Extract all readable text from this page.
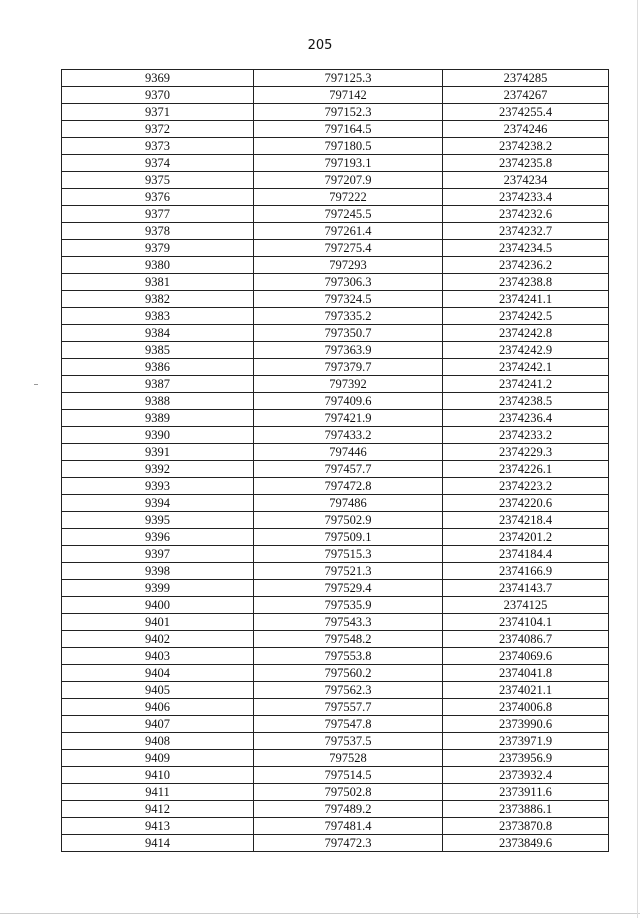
205
9369	797125.3	2374285
9370	797142	2374267
9371	797152.3	2374255.4
9372	797164.5	2374246
9373	797180.5	2374238.2
9374	797193.1	2374235.8
9375	797207.9	2374234
9376	797222	2374233.4
9377	797245.5	2374232.6
9378	797261.4	2374232.7
9379	797275.4	2374234.5
9380	797293	2374236.2
9381	797306.3	2374238.8
9382	797324.5	2374241.1
9383	797335.2	2374242.5
9384	797350.7	2374242.8
9385	797363.9	2374242.9
9386	797379.7	2374242.1
9387	797392	2374241.2
9388	797409.6	2374238.5
9389	797421.9	2374236.4
9390	797433.2	2374233.2
9391	797446	2374229.3
9392	797457.7	2374226.1
9393	797472.8	2374223.2
9394	797486	2374220.6
9395	797502.9	2374218.4
9396	797509.1	2374201.2
9397	797515.3	2374184.4
9398	797521.3	2374166.9
9399	797529.4	2374143.7
9400	797535.9	2374125
9401	797543.3	2374104.1
9402	797548.2	2374086.7
9403	797553.8	2374069.6
9404	797560.2	2374041.8
9405	797562.3	2374021.1
9406	797557.7	2374006.8
9407	797547.8	2373990.6
9408	797537.5	2373971.9
9409	797528	2373956.9
9410	797514.5	2373932.4
9411	797502.8	2373911.6
9412	797489.2	2373886.1
9413	797481.4	2373870.8
9414	797472.3	2373849.6
